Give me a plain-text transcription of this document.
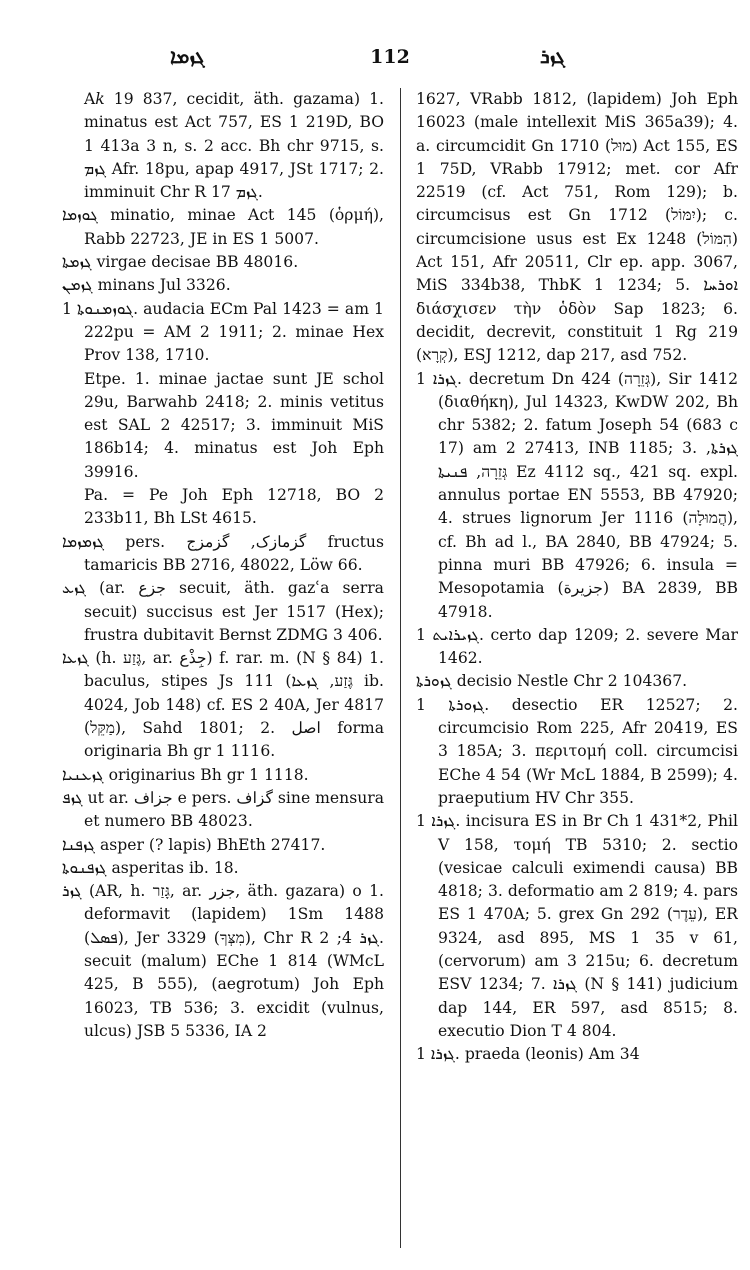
ܓܙܡܐ	112	ܓܙܪ

A𝑘 19 837, cecidit, äth. gazama) 1. minatus est Act 757, ES 1 219D, BO 1 413a 3 n, s. 2 acc. Bh chr 9715, s. ܓܙܡ Afr. 18pu, apap 4917, JSt 1717; 2. imminuit Chr R ܓܙܡ 17.

ܓܘܙܡܐ minatio, minae Act 145 (ὁρμή), Rabb 22723, JE in ES 1 5007.

ܓܙܡܬܐ virgae decisae BB 48016.

ܓܙܡܢ minans Jul 3326.

ܓܘܙܡܢܘܬܐ 1. audacia ECm Pal 1423 = am 1 222pu = AM 2 1911; 2. minae Hex Prov 138, 1710.

Etpe. 1. minae jactae sunt JE schol 29u, Barwahb 2418; 2. minis vetitus est SAL 2 42517; 3. imminuit MiS 186b14; 4. minatus est Joh Eph 39916.

Pa. = Pe Joh Eph 12718, BO 2 233b11, Bh LSt 4615.

ܓܙܡܙܡܐ pers. گزمازک, گزمزج fructus tamaricis BB 2716, 48022, Löw 66.

ܓܙܥ (ar. جزع secuit, äth. gazʿa serra secuit) succisus est Jer 1517 (Hex); frustra dubitavit Bernst ZDMG 3 406.

ܓܙܥܐ (h. גֶּזַע, ar. جِذْع) f. rar. m. (N § 84) 1. baculus, stipes Js 111 (גֶּזַע, ܓܙܥܐ ib. 4024, Job 148) cf. ES 2 40A, Jer 4817 (מַקֵּל), Sahd 1801; 2. اصل forma originaria Bh gr 1 1116.

ܓܙܥܢܝܐ originarius Bh gr 1 1118.

ܓܙܦ ut ar. جزاف e pers. گزاف sine mensura et numero BB 48023.

ܓܙܦܢܐ asper (? lapis) BhEth 27417.

ܓܙܦܢܘܬܐ asperitas ib. 18.

ܓܙܪ (AR, h. גָּזַר, ar. جزر, äth. gazara) o 1. deformavit (lapidem) 1Sm 1488 (ܦܣܠ), Jer 3329 (מִצְּךָ), Chr R ܓܙܪ 4; 2. secuit (malum) EChe 1 814 (WMcL 425, B 555), (aegrotum) Joh Eph 16023, TB 536; 3. excidit (vulnus, ulcus) JSB 5 5336, IA 2

1627, VRabb 1812, (lapidem) Joh Eph 16023 (male intellexit MiS 365a39); 4. a. circumcidit Gn 1710 (מוּל) Act 155, ES 1 75D, VRabb 17912; met. cor Afr 22519 (cf. Act 751, Rom 129); b. circumcisus est Gn 1712 (יִמּוֹל); c. circumcisione usus est Ex 1248 (הִמּוֹל) Act 151, Afr 20511, Clr ep. app. 3067, MiS 334b38, ThbK 1 1234; 5. ܐܘܪܚܐ διάσχισεν τὴν ὁδὸν Sap 1823; 6. decidit, decrevit, constituit 1 Rg 219 (קְרָא), ESJ 1212, dap 217, asd 752.

ܓܙܪܐ 1. decretum Dn 424 (גְּזֵרָה), Sir 1412 (διαθήκη), Jul 14323, KwDW 202, Bh chr 5382; 2. fatum Joseph 54 (683 c 17) am 2 27413, INB 1185; 3. ܓܙܪܬܐ, גְּזֵרָה, ܦܢܝܬܐ Ez 4112 sq., 421 sq. expl. annulus portae EN 5553, BB 47920; 4. strues lignorum Jer 1116 (הֲמוּלָה), cf. Bh ad l., BA 2840, BB 47924; 5. pinna muri BB 47926; 6. insula = Mesopotamia (جزيرة) BA 2839, BB 47918.

ܓܙܝܪܐܝܬ 1. certo dap 1209; 2. severe Mar 1462.

ܓܙܘܪܬܐ decisio Nestle Chr 2 104367.

ܓܙܘܪܬܐ 1. desectio ER 12527; 2. circumcisio Rom 225, Afr 20419, ES 3 185A; 3. περιτομή coll. circumcisi EChe 4 54 (Wr McL 1884, B 2599); 4. praeputium HV Chr 355.

ܓܙܪܐ 1. incisura ES in Br Ch 1 431*2, Phil V 158, τομή TB 5310; 2. sectio (vesicae calculi eximendi causa) BB 4818; 3. deformatio am 2 819; 4. pars ES 1 470A; 5. grex Gn 292 (עֵדֶר), ER 9324, asd 895, MS 1 35 v 61, (cervorum) am 3 215u; 6. decretum ESV 1234; 7. ܓܙܪܐ (N § 141) judicium dap 144, ER 597, asd 8515; 8. executio Dion T 4 804.

ܓܙܪܐ 1. praeda (leonis) Am 34
